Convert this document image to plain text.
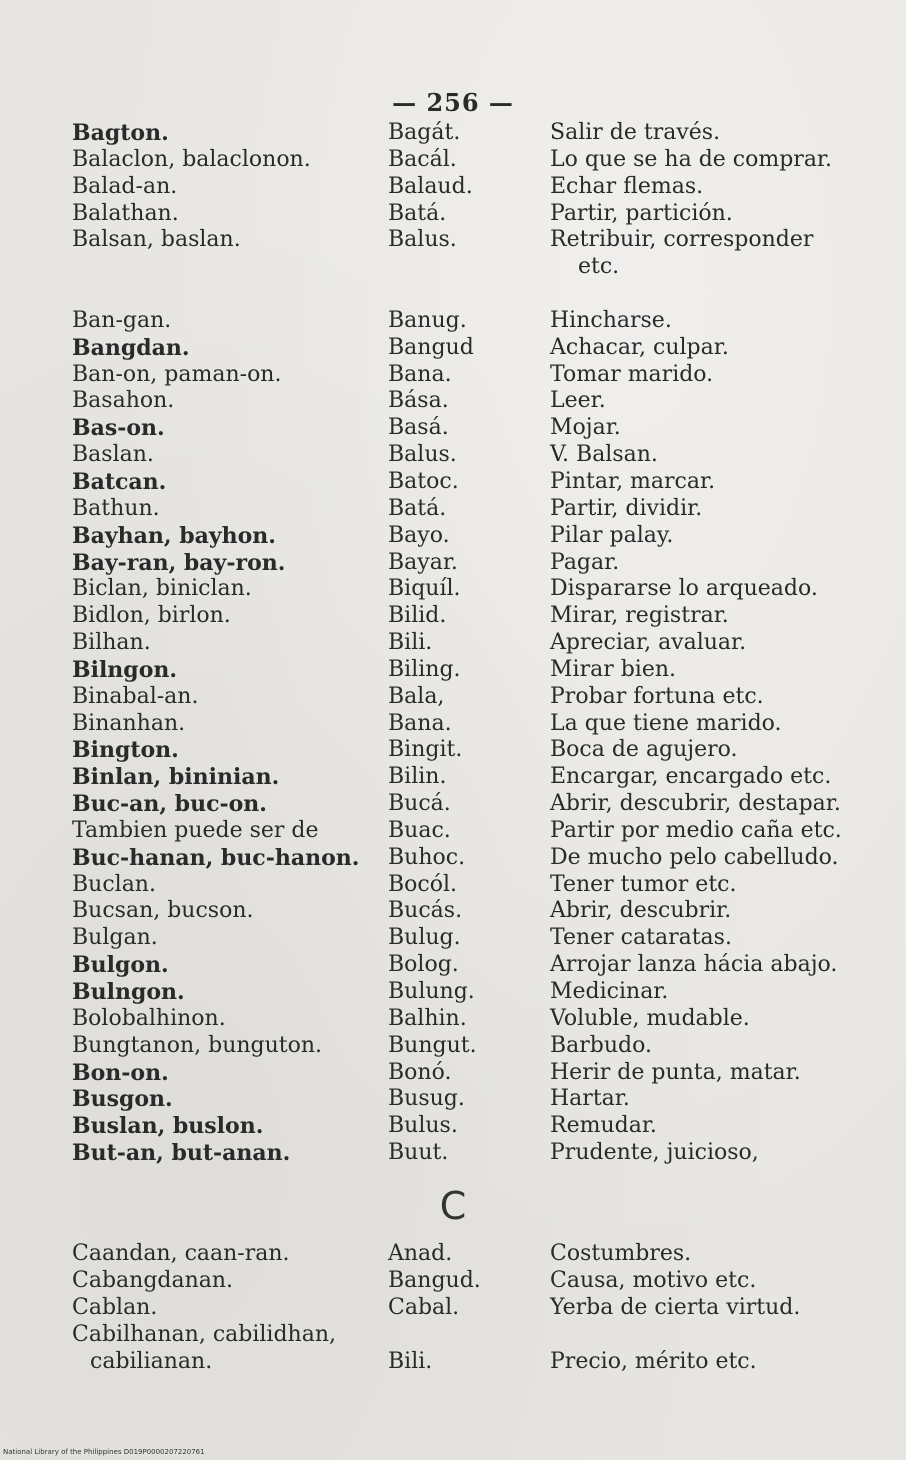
— 256 —
Bagton.	Bagát.	Salir de través.
Balaclon, balaclonon.	Bacál.	Lo que se ha de comprar.
Balad-an.	Balaud.	Echar flemas.
Balathan.	Batá.	Partir, partición.
Balsan, baslan.	Balus.	Retribuir, corresponder
etc.
Ban-gan.	Banug.	Hincharse.
Bangdan.	Bangud	Achacar, culpar.
Ban-on, paman-on.	Bana.	Tomar marido.
Basahon.	Bása.	Leer.
Bas-on.	Basá.	Mojar.
Baslan.	Balus.	V. Balsan.
Batcan.	Batoc.	Pintar, marcar.
Bathun.	Batá.	Partir, dividir.
Bayhan, bayhon.	Bayo.	Pilar palay.
Bay-ran, bay-ron.	Bayar.	Pagar.
Biclan, biniclan.	Biquíl.	Dispararse lo arqueado.
Bidlon, birlon.	Bilid.	Mirar, registrar.
Bilhan.	Bili.	Apreciar, avaluar.
Bilngon.	Biling.	Mirar bien.
Binabal-an.	Bala,	Probar fortuna etc.
Binanhan.	Bana.	La que tiene marido.
Bington.	Bingit.	Boca de agujero.
Binlan, bininian.	Bilin.	Encargar, encargado etc.
Buc-an, buc-on.	Bucá.	Abrir, descubrir, destapar.
Tambien puede ser de	Buac.	Partir por medio caña etc.
Buc-hanan, buc-hanon. Buhoc.	De mucho pelo cabelludo.
Buclan.	Bocól.	Tener tumor etc.
Bucsan, bucson.	Bucás.	Abrir, descubrir.
Bulgan.	Bulug.	Tener cataratas.
Bulgon.	Bolog.	Arrojar lanza hácia abajo.
Bulngon.	Bulung.	Medicinar.
Bolobalhinon.	Balhin.	Voluble, mudable.
Bungtanon, bunguton.	Bungut.	Barbudo.
Bon-on.	Bonó.	Herir de punta, matar.
Busgon.	Busug.	Hartar.
Buslan, buslon.	Bulus.	Remudar.
But-an, but-anan.	Buut.	Prudente, juicioso,
C
Caandan, caan-ran.	Anad.	Costumbres.
Cabangdanan.	Bangud.	Causa, motivo etc.
Cablan.	Cabal.	Yerba de cierta virtud.
Cabilhanan, cabilidhan,
cabilianan.	Bili.	Precio, mérito etc.
National Library of the Philippines D019P0000207220761
